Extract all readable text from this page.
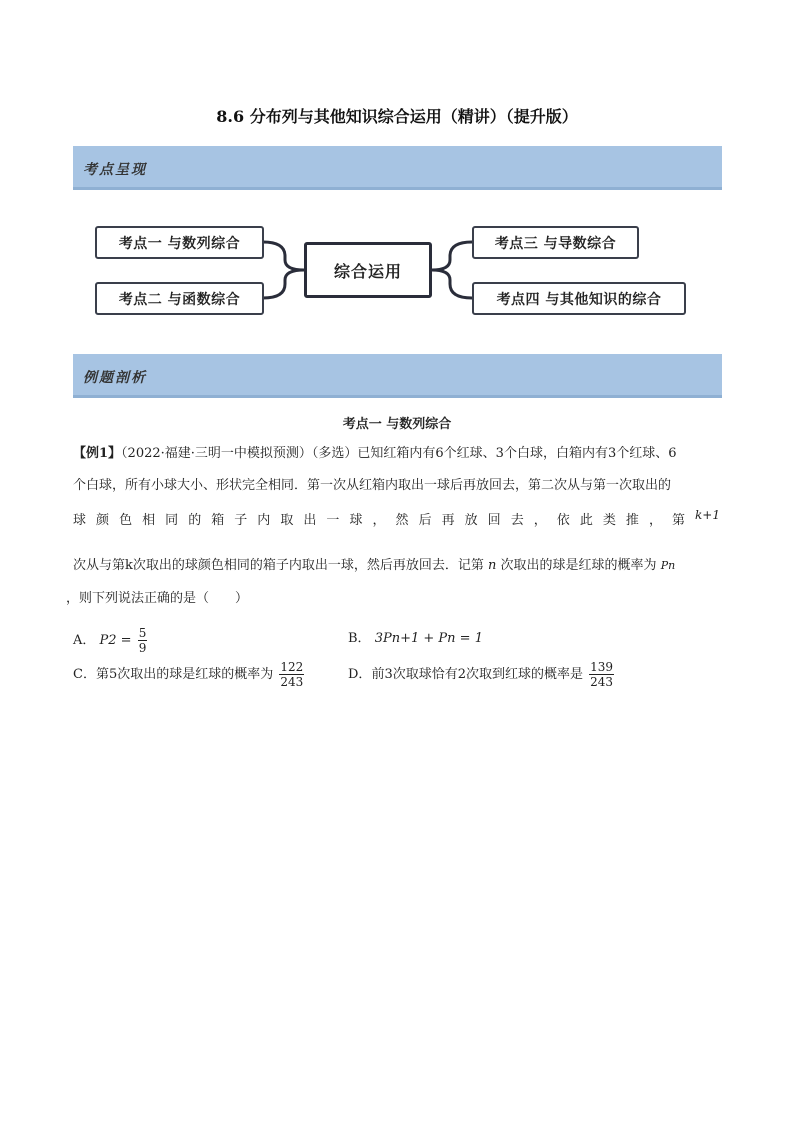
8.6 分布列与其他知识综合运用（精讲）（提升版）
考点呈现
考点一 与数列综合
考点二 与函数综合
综合运用
考点三 与导数综合
考点四 与其他知识的综合
例题剖析
考点一 与数列综合
【例1】（2022·福建·三明一中模拟预测）（多选）已知红箱内有6个红球、3个白球，白箱内有3个红球、6
个白球，所有小球大小、形状完全相同．第一次从红箱内取出一球后再放回去，第二次从与第一次取出的
球颜色相同的箱子内取出一球，然后再放回去，依此类推，第 k+1
次从与第k次取出的球颜色相同的箱子内取出一球，然后再放回去．记第 n 次取出的球是红球的概率为 Pn
，则下列说法正确的是（　　）
A． $P2 = \frac{5}{9}$	B． 3Pn+1 + Pn = 1
C．第5次取出的球是红球的概率为 $\frac{122}{243}$	D．前3次取球恰有2次取到红球的概率是 $\frac{139}{243}$
